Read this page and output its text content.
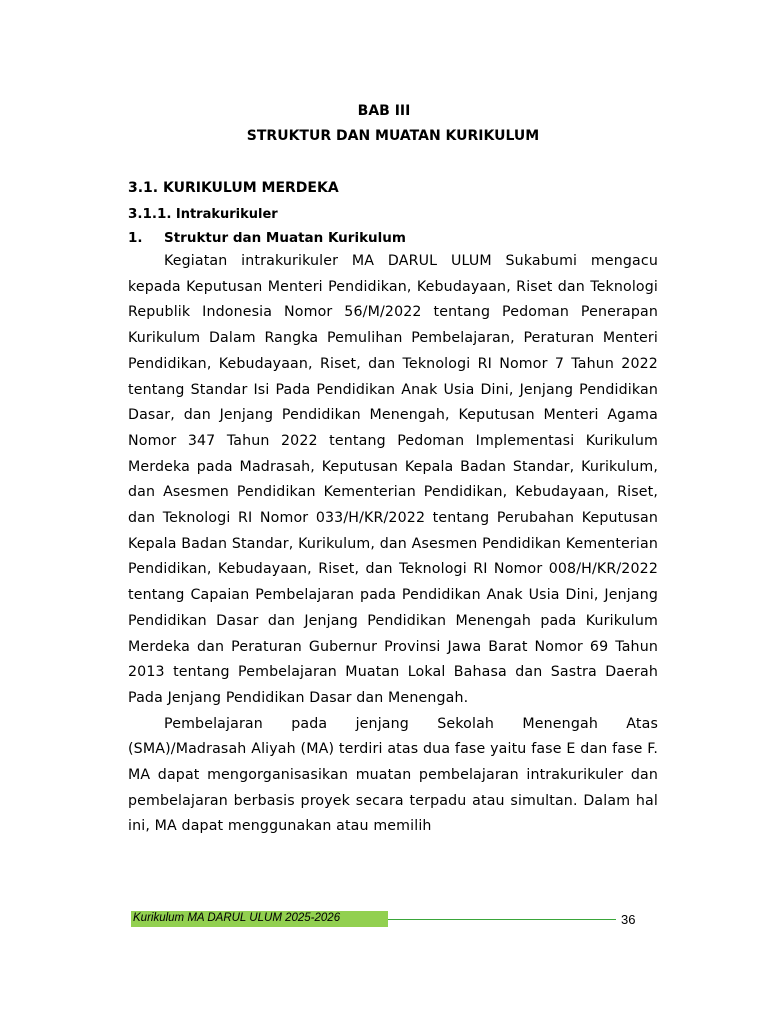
BAB III
STRUKTUR DAN MUATAN KURIKULUM
3.1. KURIKULUM MERDEKA
3.1.1. Intrakurikuler
1. Struktur dan Muatan Kurikulum

Kegiatan intrakurikuler MA DARUL ULUM Sukabumi mengacu kepada Keputusan Menteri Pendidikan, Kebudayaan, Riset dan Teknologi Republik Indonesia Nomor 56/M/2022 tentang Pedoman Penerapan Kurikulum Dalam Rangka Pemulihan Pembelajaran, Peraturan Menteri Pendidikan, Kebudayaan, Riset, dan Teknologi RI Nomor 7 Tahun 2022 tentang Standar Isi Pada Pendidikan Anak Usia Dini, Jenjang Pendidikan Dasar, dan Jenjang Pendidikan Menengah, Keputusan Menteri Agama Nomor 347 Tahun 2022 tentang Pedoman Implementasi Kurikulum Merdeka pada Madrasah, Keputusan Kepala Badan Standar, Kurikulum, dan Asesmen Pendidikan Kementerian Pendidikan, Kebudayaan, Riset, dan Teknologi RI Nomor 033/H/KR/2022 tentang Perubahan Keputusan Kepala Badan Standar, Kurikulum, dan Asesmen Pendidikan Kementerian Pendidikan, Kebudayaan, Riset, dan Teknologi RI Nomor 008/H/KR/2022 tentang Capaian Pembelajaran pada Pendidikan Anak Usia Dini, Jenjang Pendidikan Dasar dan Jenjang Pendidikan Menengah pada Kurikulum Merdeka dan Peraturan Gubernur Provinsi Jawa Barat Nomor 69 Tahun 2013 tentang Pembelajaran Muatan Lokal Bahasa dan Sastra Daerah Pada Jenjang Pendidikan Dasar dan Menengah.

Pembelajaran pada jenjang Sekolah Menengah Atas (SMA)/Madrasah Aliyah (MA) terdiri atas dua fase yaitu fase E dan fase F. MA dapat mengorganisasikan muatan pembelajaran intrakurikuler dan pembelajaran berbasis proyek secara terpadu atau simultan. Dalam hal ini, MA dapat menggunakan atau memilih

Kurikulum MA DARUL ULUM 2025-2026	36
